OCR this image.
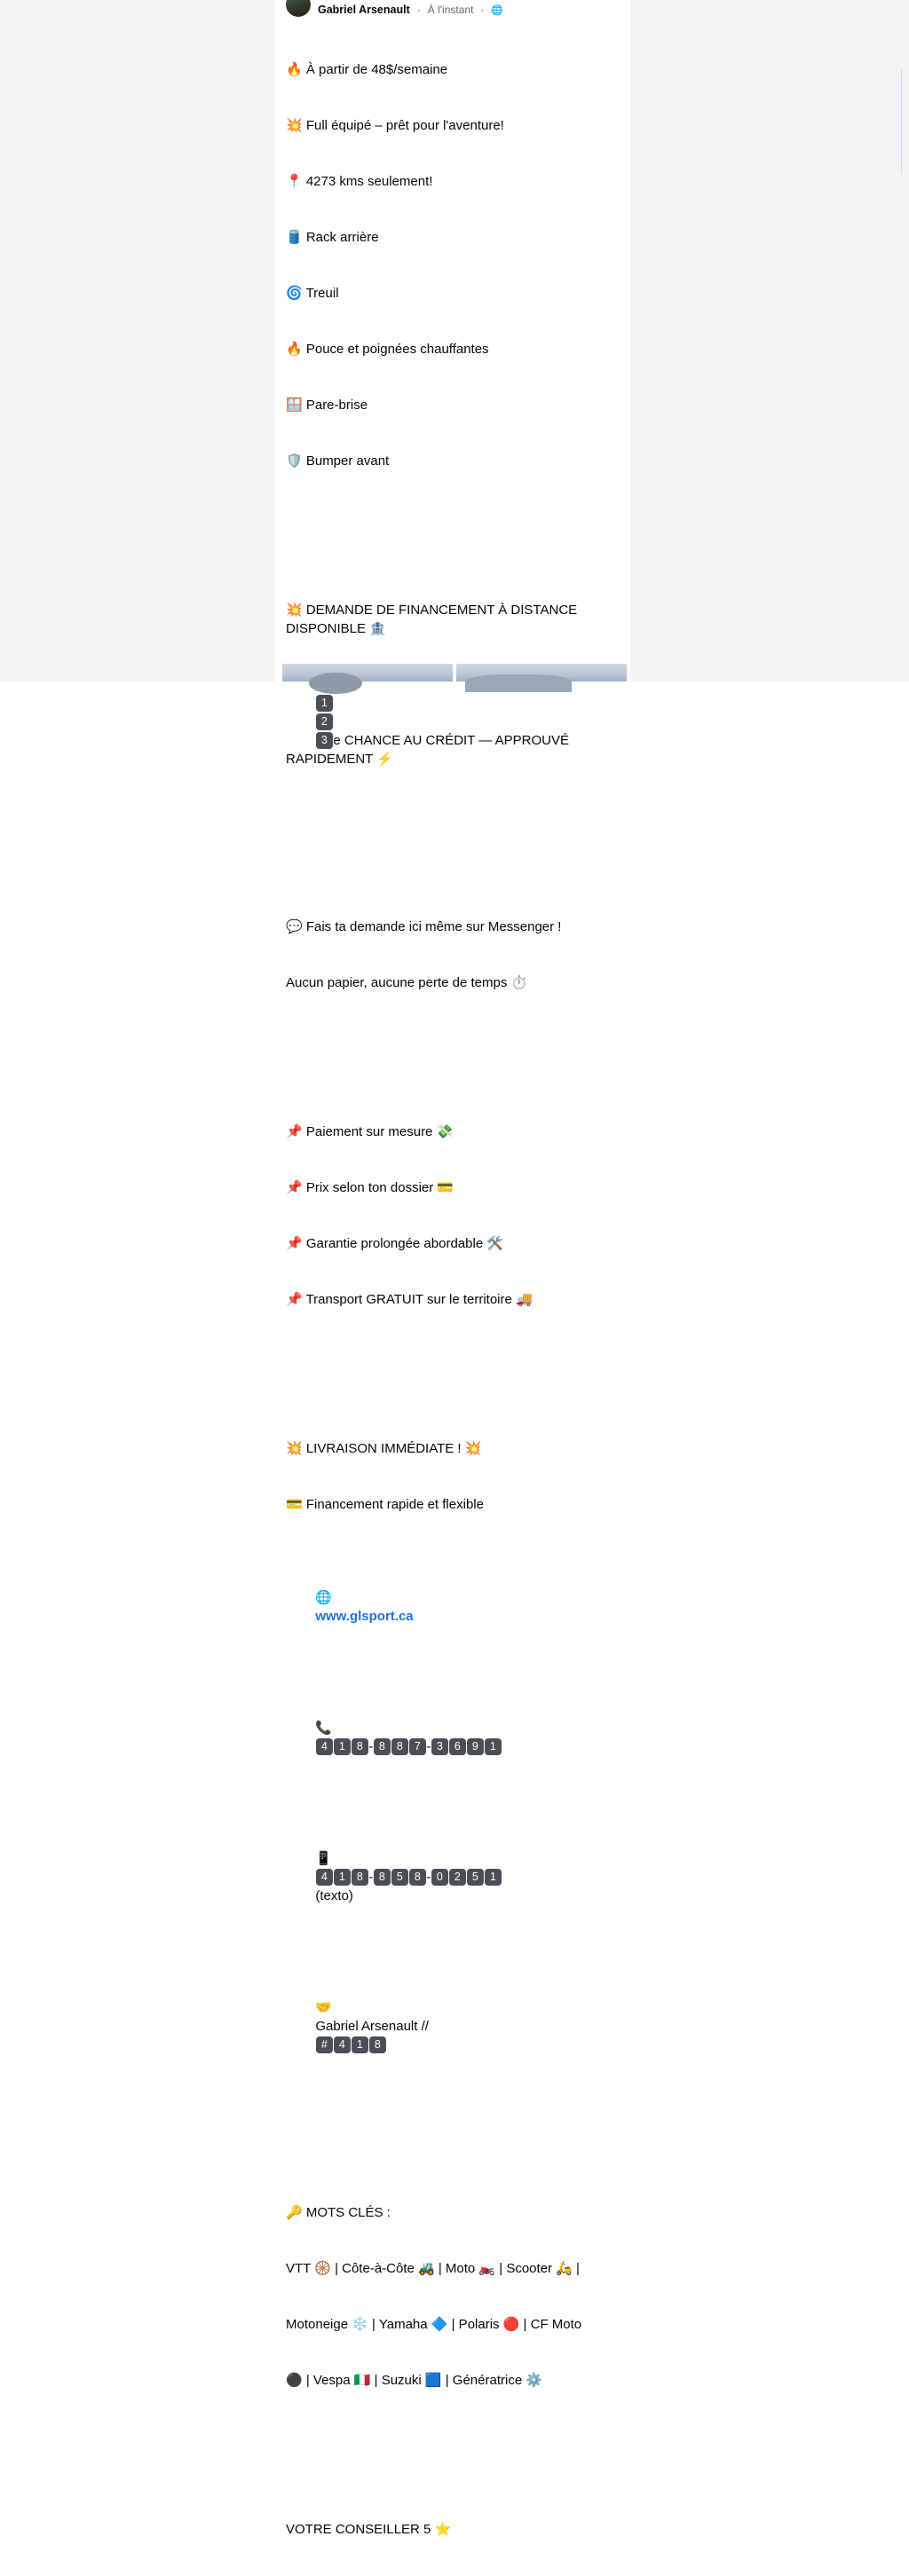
Gabriel Arsenault · À l'instant · 🌐

🔥 À partir de 48$/semaine

💥 Full équipé – prêt pour l'aventure!

📍 4273 kms seulement!

🛢️ Rack arrière

🌀 Treuil

🔥 Pouce et poignées chauffantes

🪟 Pare-brise

🛡️ Bumper avant

💥 DEMANDE DE FINANCEMENT À DISTANCE DISPONIBLE 🏦

1
2
3 e CHANCE AU CRÉDIT — APPROUVÉ RAPIDEMENT ⚡

💬 Fais ta demande ici même sur Messenger !

Aucun papier, aucune perte de temps ⏱️

📌 Paiement sur mesure 💸

📌 Prix selon ton dossier 💳

📌 Garantie prolongée abordable 🛠️

📌 Transport GRATUIT sur le territoire 🚚

💥 LIVRAISON IMMÉDIATE ! 💥

💳 Financement rapide et flexible

🌐
www.glsport.ca

📞
4 1 8 - 8 8 7 - 3 6 9 1

📱
4 1 8 - 8 5 8 - 0 2 5 1
(texto)

🤝
Gabriel Arsenault //
# 4 1 8

🔑 MOTS CLÉS :

VTT 🛞 | Côte-à-Côte 🚜 | Moto 🏍️ | Scooter 🛵 |

Motoneige ❄️ | Yamaha 🔷 | Polaris 🔴 | CF Moto

⚫ | Vespa 🇮🇹 | Suzuki 🟦 | Génératrice ⚙️

VOTRE CONSEILLER 5 ⭐
